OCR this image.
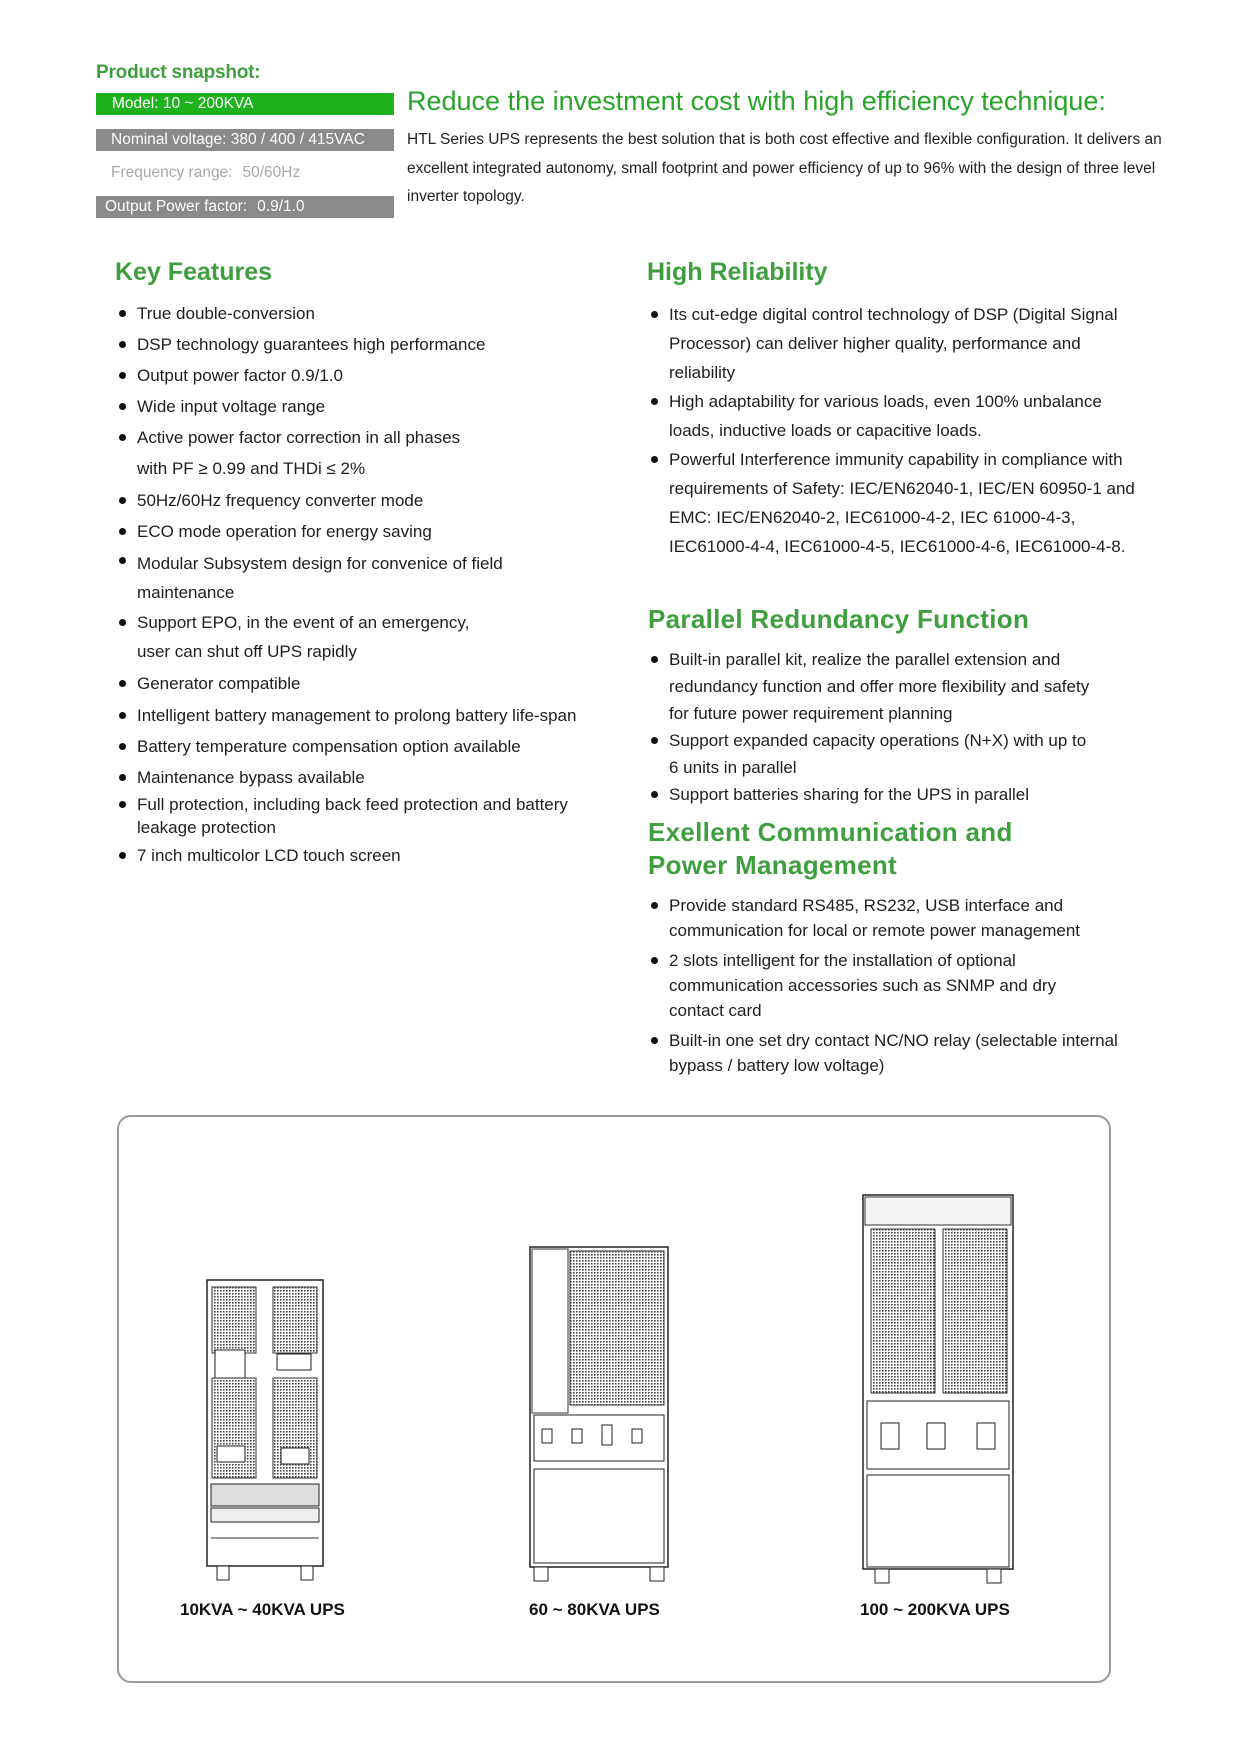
Product snapshot:
Model: 10 ~ 200KVA
Nominal voltage: 380 / 400 / 415VAC
Frequency range: 50/60Hz
Output Power factor: 0.9/1.0
Reduce the investment cost with high efficiency technique:
HTL Series UPS represents the best solution that is both cost effective and flexible configuration. It delivers an excellent integrated autonomy, small footprint and power efficiency of up to 96% with the design of three level inverter topology.
Key Features
True double-conversion
DSP technology guarantees high performance
Output power factor 0.9/1.0
Wide input voltage range
Active power factor correction in all phases
with PF ≥ 0.99 and THDi ≤ 2%
50Hz/60Hz frequency converter mode
ECO mode operation for energy saving
Modular Subsystem design for convenice of field maintenance
Support EPO, in the event of an emergency,
user can shut off UPS rapidly
Generator compatible
Intelligent battery management to prolong battery life-span
Battery temperature compensation option available
Maintenance bypass available
Full protection, including back feed protection and battery leakage protection
7 inch multicolor LCD touch screen
High Reliability
Its cut-edge digital control technology of DSP (Digital Signal Processor) can deliver higher quality, performance and reliability
High adaptability for various loads, even 100% unbalance loads, inductive loads or capacitive loads.
Powerful Interference immunity capability in compliance with requirements of Safety: IEC/EN62040-1, IEC/EN 60950-1 and EMC: IEC/EN62040-2, IEC61000-4-2, IEC 61000-4-3, IEC61000-4-4, IEC61000-4-5, IEC61000-4-6, IEC61000-4-8.
Parallel Redundancy Function
Built-in parallel kit, realize the parallel extension and redundancy function and offer more flexibility and safety for future power requirement planning
Support expanded capacity operations (N+X) with up to 6 units in parallel
Support batteries sharing for the UPS in parallel
Exellent Communication and
Power Management
Provide standard RS485, RS232, USB interface and communication for local or remote power management
2 slots intelligent for the installation of optional communication accessories such as SNMP and dry contact card
Built-in one set dry contact NC/NO relay (selectable internal bypass / battery low voltage)
10KVA ~ 40KVA UPS	60 ~ 80KVA UPS	100 ~ 200KVA UPS
